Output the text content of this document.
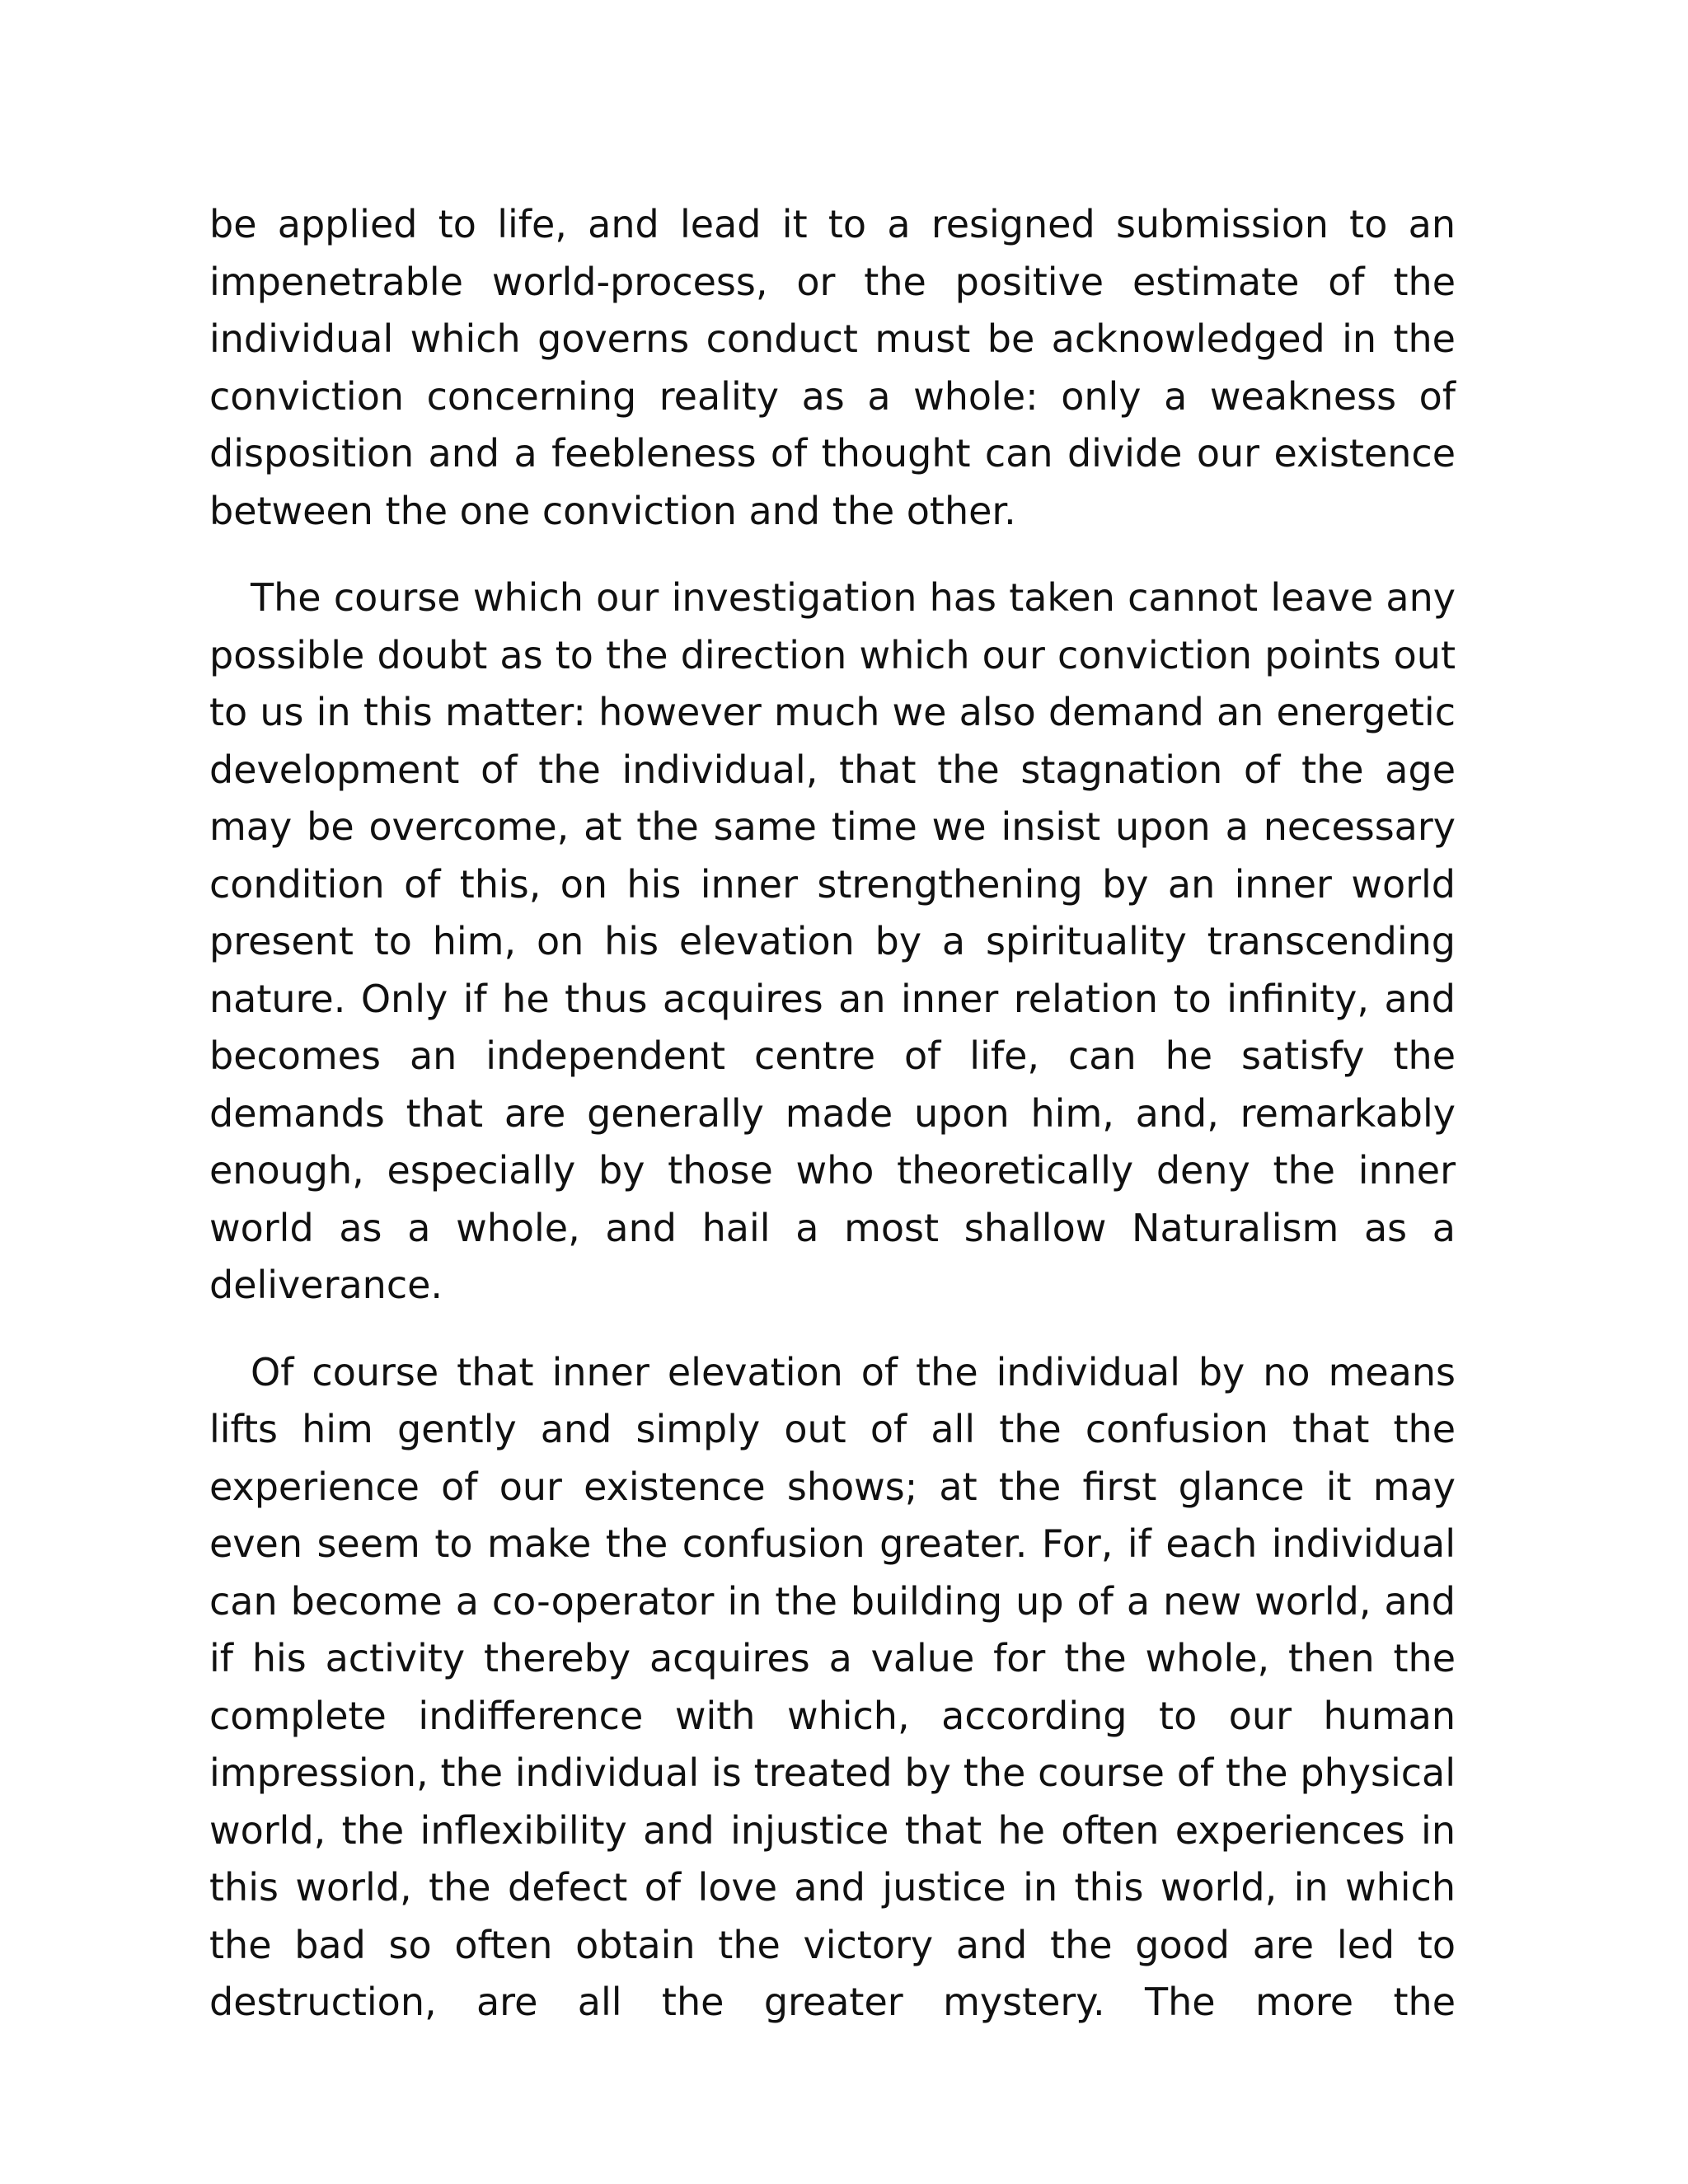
be applied to life, and lead it to a resigned submission to an impenetrable world-process, or the positive estimate of the individual which governs conduct must be acknowledged in the conviction concerning reality as a whole: only a weakness of disposition and a feebleness of thought can divide our existence between the one conviction and the other.

The course which our investigation has taken cannot leave any possible doubt as to the direction which our conviction points out to us in this matter: however much we also demand an energetic development of the individual, that the stagnation of the age may be overcome, at the same time we insist upon a necessary condition of this, on his inner strengthening by an inner world present to him, on his elevation by a spirituality transcending nature. Only if he thus acquires an inner relation to infinity, and becomes an independent centre of life, can he satisfy the demands that are generally made upon him, and, remarkably enough, especially by those who theoretically deny the inner world as a whole, and hail a most shallow Naturalism as a deliverance.

Of course that inner elevation of the individual by no means lifts him gently and simply out of all the confusion that the experience of our existence shows; at the first glance it may even seem to make the confusion greater. For, if each individual can become a co-operator in the building up of a new world, and if his activity thereby acquires a value for the whole, then the complete indifference with which, according to our human impression, the individual is treated by the course of the physical world, the inflexibility and injustice that he often experiences in this world, the defect of love and justice in this world, in which the bad so often obtain the victory and the good are led to destruction, are all the greater mystery. The more the
